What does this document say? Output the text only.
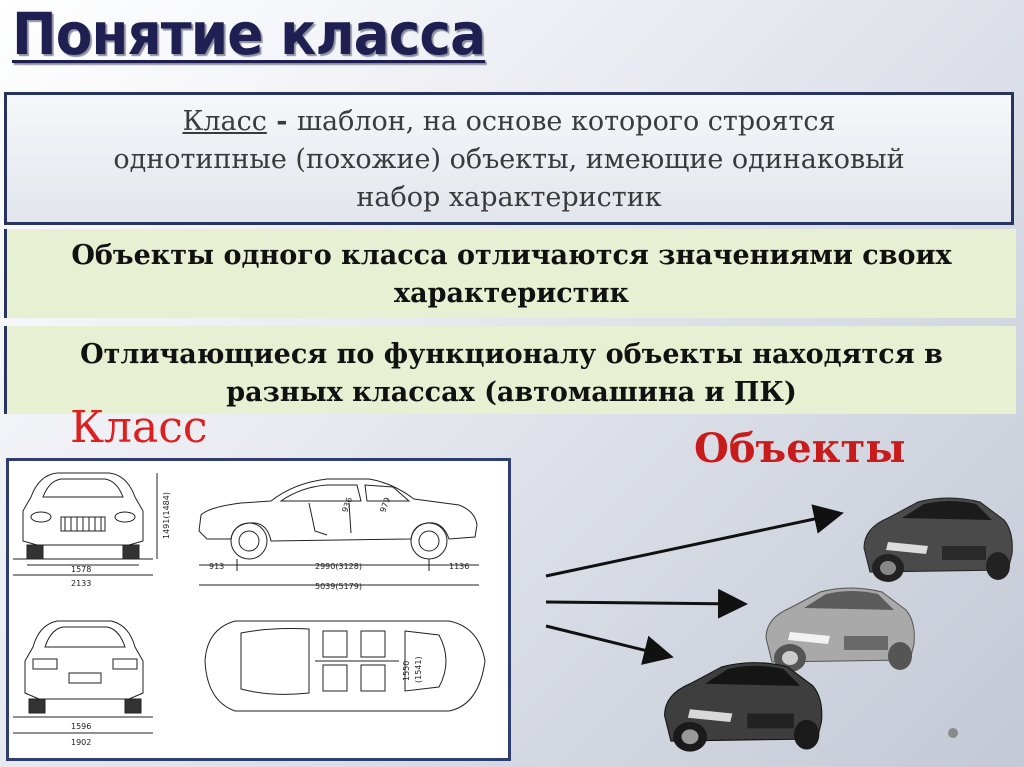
Понятие класса
Класс - шаблон, на основе которого строятся
однотипные (похожие) объекты, имеющие одинаковый
набор характеристик
Объекты одного класса отличаются значениями своих
характеристик
Отличающиеся по функционалу объекты находятся в
разных классах (автомашина и ПК)
Класс	Объекты
1578
2133
1491(1484)
913	2990(3128)	1136
5039(5179)
936	979
1596
1902
1550 (1541)
